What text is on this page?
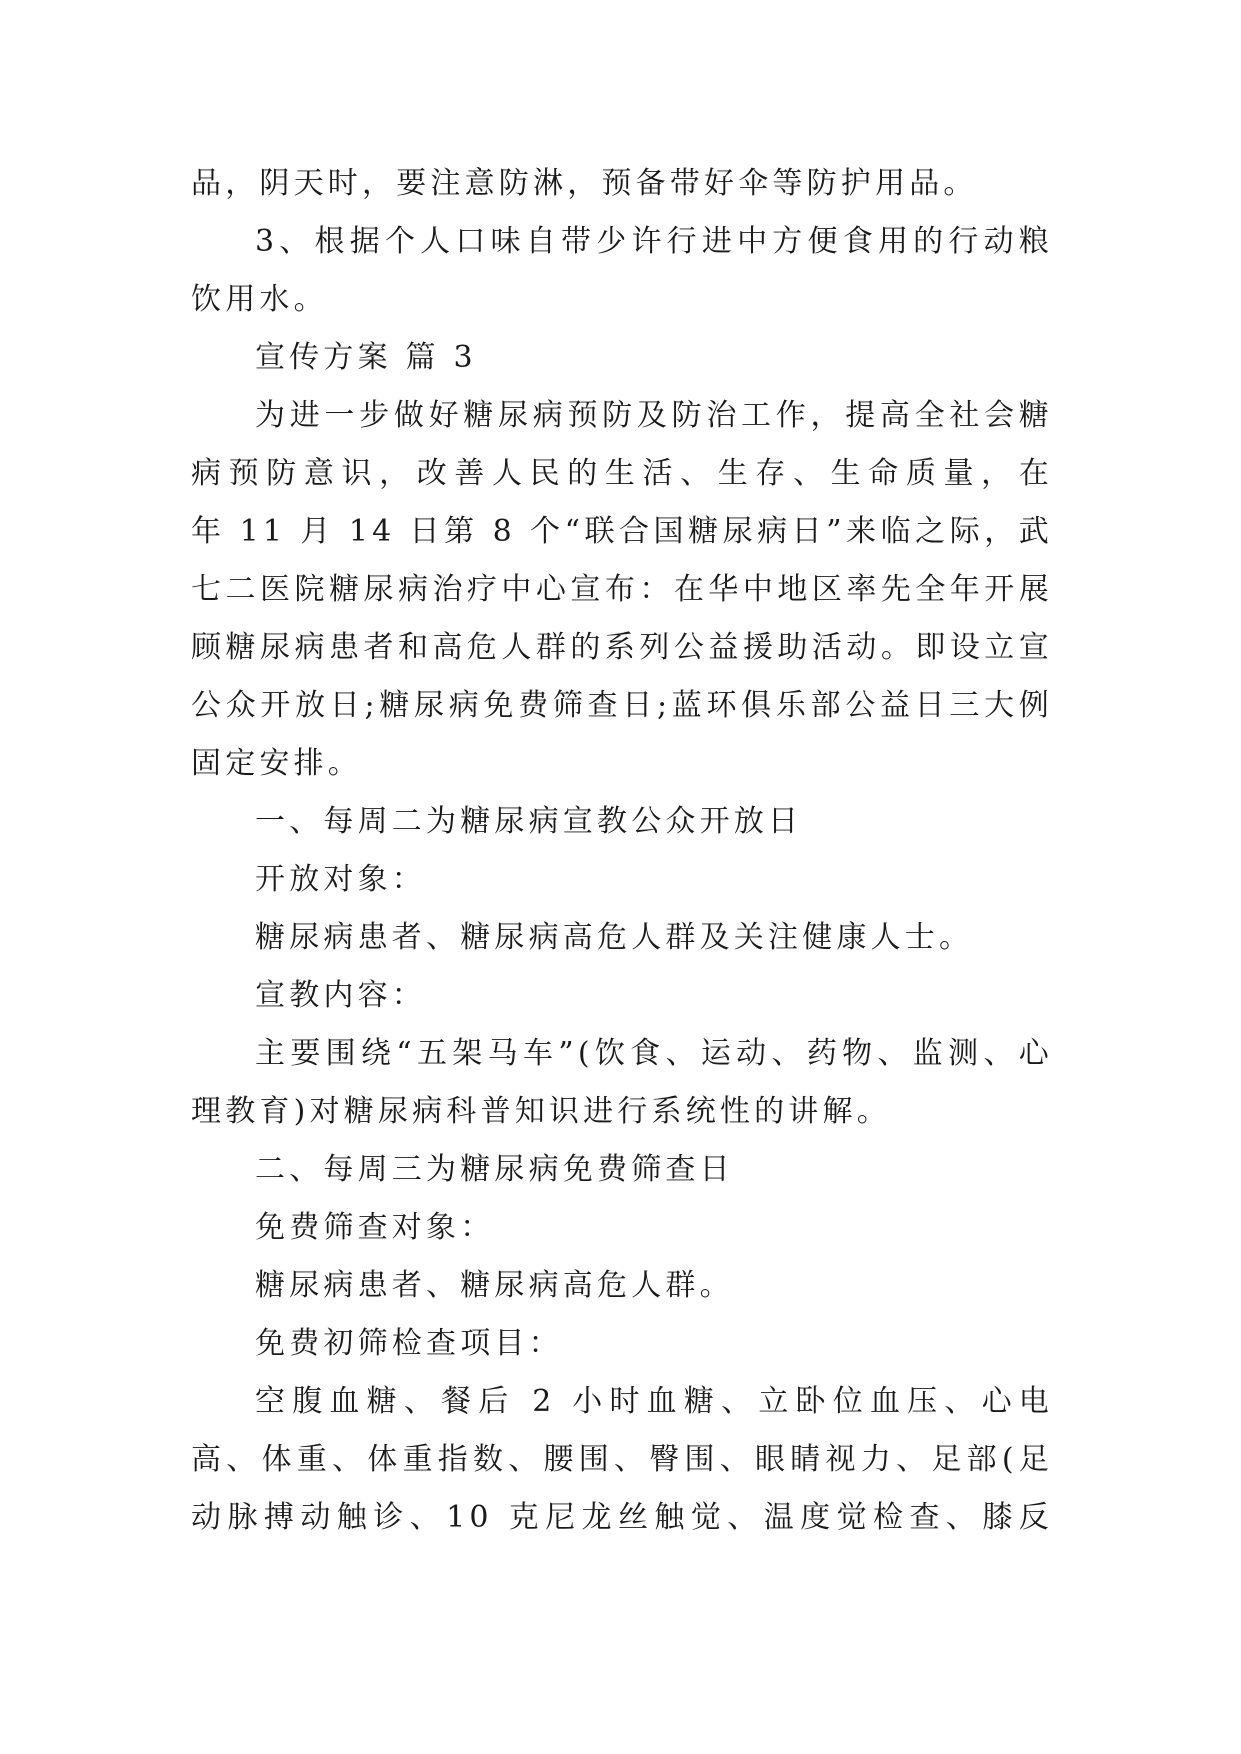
品，阴天时，要注意防淋，预备带好伞等防护用品。
3、根据个人口味自带少许行进中方便食用的行动粮
饮用水。
宣传方案 篇 3
为进一步做好糖尿病预防及防治工作，提高全社会糖
病预防意识，改善人民的生活、生存、生命质量，在
年 11 月 14 日第 8 个“联合国糖尿病日”来临之际，武
七二医院糖尿病治疗中心宣布：在华中地区率先全年开展
顾糖尿病患者和高危人群的系列公益援助活动。即设立宣
公众开放日;糖尿病免费筛查日;蓝环俱乐部公益日三大例
固定安排。
一、每周二为糖尿病宣教公众开放日
开放对象：
糖尿病患者、糖尿病高危人群及关注健康人士。
宣教内容：
主要围绕“五架马车”(饮食、运动、药物、监测、心
理教育)对糖尿病科普知识进行系统性的讲解。
二、每周三为糖尿病免费筛查日
免费筛查对象：
糖尿病患者、糖尿病高危人群。
免费初筛检查项目：
空腹血糖、餐后 2 小时血糖、立卧位血压、心电
高、体重、体重指数、腰围、臀围、眼睛视力、足部(足
动脉搏动触诊、10 克尼龙丝触觉、温度觉检查、膝反
